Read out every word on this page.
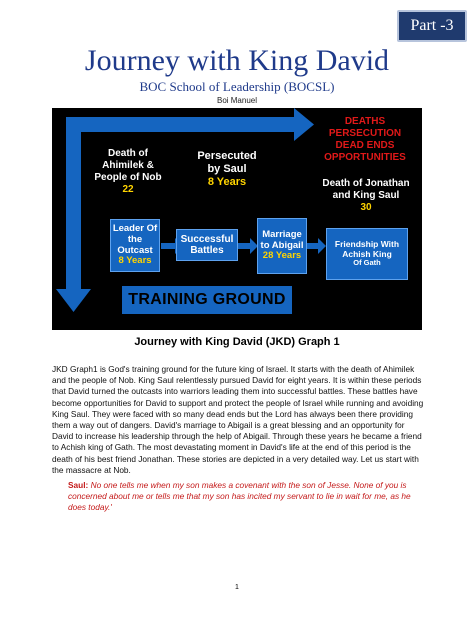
Part -3
Journey with King David
BOC School of Leadership (BOCSL)
Boi Manuel
DEATHS
PERSECUTION
DEAD ENDS
OPPORTUNITIES
Death of Ahimilek & People of Nob
22
Persecuted by Saul
8 Years	Death of Jonathan and King Saul
30
Leader Of the Outcast
8 Years
Successful Battles
Marriage to Abigail
28 Years
Friendship With Achish King
Of Gath
TRAINING GROUND
Journey with King David (JKD) Graph 1
JKD Graph1 is God's training ground for the future king of Israel. It starts with the death of Ahimilek and the people of Nob. King Saul relentlessly pursued David for eight years. It is within these periods that David turned the outcasts into warriors leading them into successful battles. These battles have become opportunities for David to support and protect the people of Israel while running and avoiding King Saul. They were faced with so many dead ends but the Lord has always been there providing them a way out of dangers. David's marriage to Abigail is a great blessing and an opportunity for David to increase his leadership through the help of Abigail. Through these years he became a friend to Achish king of Gath. The most devastating moment in David's life at the end of this period is the death of his best friend Jonathan. These stories are depicted in a very detailed way. Let us start with the massacre at Nob.
Saul: No one tells me when my son makes a covenant with the son of Jesse. None of you is concerned about me or tells me that my son has incited my servant to lie in wait for me, as he does today.'
1
